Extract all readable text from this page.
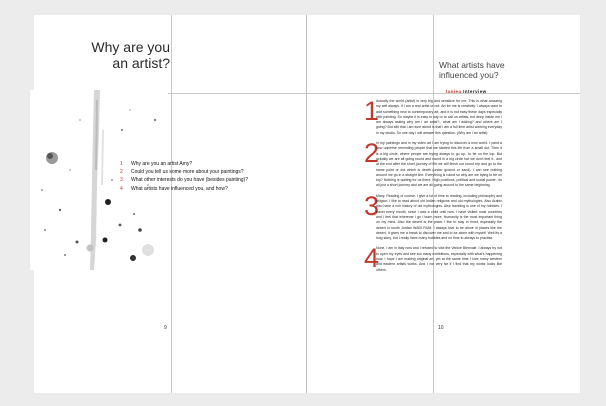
Why are you
an artist?
1	Why are you an artist Amy?
2	Could you tell us some more about your paintings?
3	What other interests do you have (besides painting)?
4	What artists have influenced you, and how?
9
What artists have
influenced you?
Ianiea Interview
1
Actually the world (artist) is very big and sensitive for me. This is what amazing my self always. If I am a real artist or not. Art for me is creativity. I always want to add something new to contemporary art, and it is not easy these days especially with painting. So maybe it is easy to say or to call us artists, but deep inside me I am always asking why am I an artist?.. what am I adding? and where am I going? But still that I am sure about is that I am a full time artist working everyday in my studio. So one day I will answer this question. (Why am I an artist)
2
In my paintings and in my video art I am trying to discover a new world. I paint a new universe reminding people that we started this life from a small dot. Then it is a big circle, where people are trying always to go up.. to be on the top. But actually we are all going round and round in a big circle but we don't feel it.. and at the end after the short journey of life we will finish our round trip and go to the same point or dot which is death (under ground or sand). I can see nothing around me go in a straight line. Everything is round so why are we trying to be on top? Nothing is waiting for us there. High positions, political and social power.. its all just a short journey and we are all going around to the same beginning.
3
Many. Reading of course. I give a lot of time to reading, including philosophy and religion. I like to read about old Indian religions and old mythologies. Also Arabic also have a rich history of old mythologies. Also traveling is one of my hobbies. I travel every month, since I was a child until now. I have visited most countries and I feel that wherever I go I learn more. Humanity is the most important thing on my mind. Also the desert is the place I like to stay in most, especially the desert in south Jordan WADI RUM. I always love to be alone in places like the desert. It gives me a break to discover me and to be alone with myself. Well its a long story, but I really have many hobbies and no time to always to practise.
4
None. I am in Italy now and I refused to visit the Venice Biennale. I always try not to open my eyes and see too many exhibitions, especially with what's happening now. I hope I am making original art, yet at the same time I love many western and eastern artists works. And I not very far if I find that my works looks like others.
10
